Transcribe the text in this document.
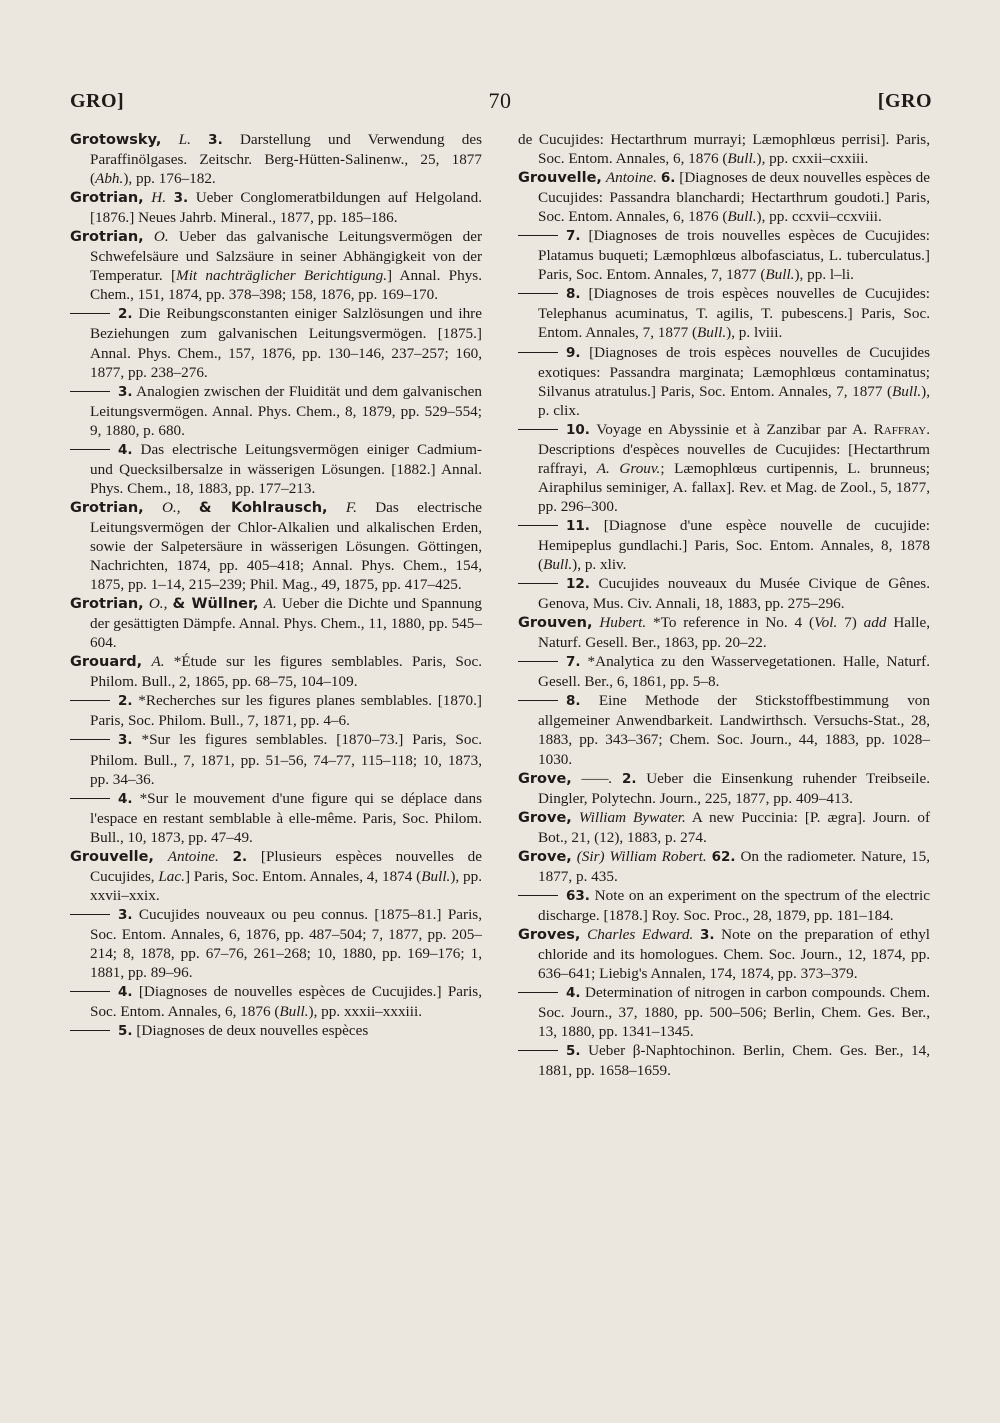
GRO]	70	[GRO

Grotowsky, L. 3. Darstellung und Verwendung des Paraffinölgases. Zeitschr. Berg-Hütten-Salinenw., 25, 1877 (Abh.), pp. 176–182.

Grotrian, H. 3. Ueber Conglomeratbildungen auf Helgoland. [1876.] Neues Jahrb. Mineral., 1877, pp. 185–186.

Grotrian, O. Ueber das galvanische Leitungsvermögen der Schwefelsäure und Salzsäure in seiner Abhängigkeit von der Temperatur. [Mit nachträglicher Berichtigung.] Annal. Phys. Chem., 151, 1874, pp. 378–398; 158, 1876, pp. 169–170.

2. Die Reibungsconstanten einiger Salzlösungen und ihre Beziehungen zum galvanischen Leitungsvermögen. [1875.] Annal. Phys. Chem., 157, 1876, pp. 130–146, 237–257; 160, 1877, pp. 238–276.

3. Analogien zwischen der Fluidität und dem galvanischen Leitungsvermögen. Annal. Phys. Chem., 8, 1879, pp. 529–554; 9, 1880, p. 680.

4. Das electrische Leitungsvermögen einiger Cadmium- und Quecksilbersalze in wässerigen Lösungen. [1882.] Annal. Phys. Chem., 18, 1883, pp. 177–213.

Grotrian, O., & Kohlrausch, F. Das electrische Leitungsvermögen der Chlor-Alkalien und alkalischen Erden, sowie der Salpetersäure in wässerigen Lösungen. Göttingen, Nachrichten, 1874, pp. 405–418; Annal. Phys. Chem., 154, 1875, pp. 1–14, 215–239; Phil. Mag., 49, 1875, pp. 417–425.

Grotrian, O., & Wüllner, A. Ueber die Dichte und Spannung der gesättigten Dämpfe. Annal. Phys. Chem., 11, 1880, pp. 545–604.

Grouard, A. *Étude sur les figures semblables. Paris, Soc. Philom. Bull., 2, 1865, pp. 68–75, 104–109.

2. *Recherches sur les figures planes semblables. [1870.] Paris, Soc. Philom. Bull., 7, 1871, pp. 4–6.

3. *Sur les figures semblables. [1870–73.] Paris, Soc. Philom. Bull., 7, 1871, pp. 51–56, 74–77, 115–118; 10, 1873, pp. 34–36.

4. *Sur le mouvement d'une figure qui se déplace dans l'espace en restant semblable à elle-même. Paris, Soc. Philom. Bull., 10, 1873, pp. 47–49.

Grouvelle, Antoine. 2. [Plusieurs espèces nouvelles de Cucujides, Lac.] Paris, Soc. Entom. Annales, 4, 1874 (Bull.), pp. xxvii–xxix.

3. Cucujides nouveaux ou peu connus. [1875–81.] Paris, Soc. Entom. Annales, 6, 1876, pp. 487–504; 7, 1877, pp. 205–214; 8, 1878, pp. 67–76, 261–268; 10, 1880, pp. 169–176; 1, 1881, pp. 89–96.

4. [Diagnoses de nouvelles espèces de Cucujides.] Paris, Soc. Entom. Annales, 6, 1876 (Bull.), pp. xxxii–xxxiii.

5. [Diagnoses de deux nouvelles espèces

de Cucujides: Hectarthrum murrayi; Læmophlœus perrisi]. Paris, Soc. Entom. Annales, 6, 1876 (Bull.), pp. cxxii–cxxiii.

Grouvelle, Antoine. 6. [Diagnoses de deux nouvelles espèces de Cucujides: Passandra blanchardi; Hectarthrum goudoti.] Paris, Soc. Entom. Annales, 6, 1876 (Bull.), pp. ccxvii–ccxviii.

7. [Diagnoses de trois nouvelles espèces de Cucujides: Platamus buqueti; Læmophlœus albofasciatus, L. tuberculatus.] Paris, Soc. Entom. Annales, 7, 1877 (Bull.), pp. l–li.

8. [Diagnoses de trois espèces nouvelles de Cucujides: Telephanus acuminatus, T. agilis, T. pubescens.] Paris, Soc. Entom. Annales, 7, 1877 (Bull.), p. lviii.

9. [Diagnoses de trois espèces nouvelles de Cucujides exotiques: Passandra marginata; Læmophlœus contaminatus; Silvanus atratulus.] Paris, Soc. Entom. Annales, 7, 1877 (Bull.), p. clix.

10. Voyage en Abyssinie et à Zanzibar par A. Raffray. Descriptions d'espèces nouvelles de Cucujides: [Hectarthrum raffrayi, A. Grouv.; Læmophlœus curtipennis, L. brunneus; Airaphilus seminiger, A. fallax]. Rev. et Mag. de Zool., 5, 1877, pp. 296–300.

11. [Diagnose d'une espèce nouvelle de cucujide: Hemipeplus gundlachi.] Paris, Soc. Entom. Annales, 8, 1878 (Bull.), p. xliv.

12. Cucujides nouveaux du Musée Civique de Gênes. Genova, Mus. Civ. Annali, 18, 1883, pp. 275–296.

Grouven, Hubert. *To reference in No. 4 (Vol. 7) add Halle, Naturf. Gesell. Ber., 1863, pp. 20–22.

7. *Analytica zu den Wasservegetationen. Halle, Naturf. Gesell. Ber., 6, 1861, pp. 5–8.

8. Eine Methode der Stickstoffbestimmung von allgemeiner Anwendbarkeit. Landwirthsch. Versuchs-Stat., 28, 1883, pp. 343–367; Chem. Soc. Journ., 44, 1883, pp. 1028–1030.

Grove, ——. 2. Ueber die Einsenkung ruhender Treibseile. Dingler, Polytechn. Journ., 225, 1877, pp. 409–413.

Grove, William Bywater. A new Puccinia: [P. ægra]. Journ. of Bot., 21, (12), 1883, p. 274.

Grove, (Sir) William Robert. 62. On the radiometer. Nature, 15, 1877, p. 435.

63. Note on an experiment on the spectrum of the electric discharge. [1878.] Roy. Soc. Proc., 28, 1879, pp. 181–184.

Groves, Charles Edward. 3. Note on the preparation of ethyl chloride and its homologues. Chem. Soc. Journ., 12, 1874, pp. 636–641; Liebig's Annalen, 174, 1874, pp. 373–379.

4. Determination of nitrogen in carbon compounds. Chem. Soc. Journ., 37, 1880, pp. 500–506; Berlin, Chem. Ges. Ber., 13, 1880, pp. 1341–1345.

5. Ueber β-Naphtochinon. Berlin, Chem. Ges. Ber., 14, 1881, pp. 1658–1659.
